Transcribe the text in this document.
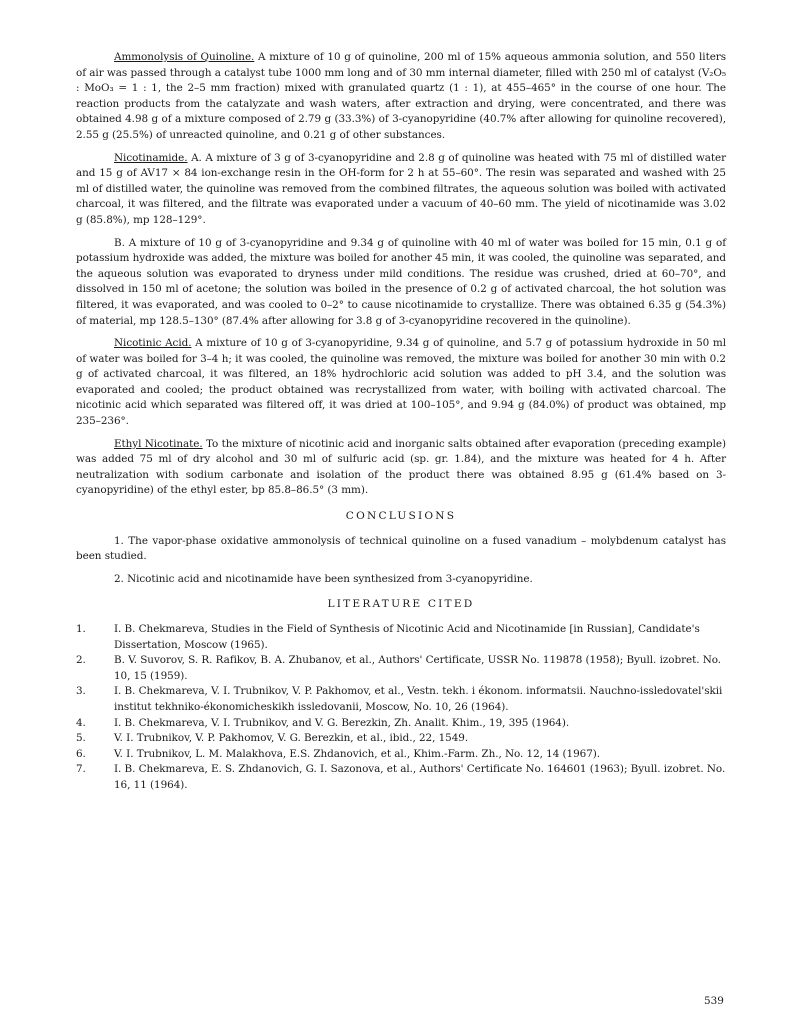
Ammonolysis of Quinoline. A mixture of 10 g of quinoline, 200 ml of 15% aqueous ammonia solution, and 550 liters of air was passed through a catalyst tube 1000 mm long and of 30 mm internal diameter, filled with 250 ml of catalyst (V₂O₅ : MoO₃ = 1 : 1, the 2–5 mm fraction) mixed with granulated quartz (1 : 1), at 455–465° in the course of one hour. The reaction products from the catalyzate and wash waters, after extraction and drying, were concentrated, and there was obtained 4.98 g of a mixture composed of 2.79 g (33.3%) of 3-cyanopyridine (40.7% after allowing for quinoline recovered), 2.55 g (25.5%) of unreacted quinoline, and 0.21 g of other substances.

Nicotinamide. A. A mixture of 3 g of 3-cyanopyridine and 2.8 g of quinoline was heated with 75 ml of distilled water and 15 g of AV17 × 84 ion-exchange resin in the OH-form for 2 h at 55–60°. The resin was separated and washed with 25 ml of distilled water, the quinoline was removed from the combined filtrates, the aqueous solution was boiled with activated charcoal, it was filtered, and the filtrate was evaporated under a vacuum of 40–60 mm. The yield of nicotinamide was 3.02 g (85.8%), mp 128–129°.

B. A mixture of 10 g of 3-cyanopyridine and 9.34 g of quinoline with 40 ml of water was boiled for 15 min, 0.1 g of potassium hydroxide was added, the mixture was boiled for another 45 min, it was cooled, the quinoline was separated, and the aqueous solution was evaporated to dryness under mild conditions. The residue was crushed, dried at 60–70°, and dissolved in 150 ml of acetone; the solution was boiled in the presence of 0.2 g of activated charcoal, the hot solution was filtered, it was evaporated, and was cooled to 0–2° to cause nicotinamide to crystallize. There was obtained 6.35 g (54.3%) of material, mp 128.5–130° (87.4% after allowing for 3.8 g of 3-cyanopyridine recovered in the quinoline).

Nicotinic Acid. A mixture of 10 g of 3-cyanopyridine, 9.34 g of quinoline, and 5.7 g of potassium hydroxide in 50 ml of water was boiled for 3–4 h; it was cooled, the quinoline was removed, the mixture was boiled for another 30 min with 0.2 g of activated charcoal, it was filtered, an 18% hydrochloric acid solution was added to pH 3.4, and the solution was evaporated and cooled; the product obtained was recrystallized from water, with boiling with activated charcoal. The nicotinic acid which separated was filtered off, it was dried at 100–105°, and 9.94 g (84.0%) of product was obtained, mp 235–236°.

Ethyl Nicotinate. To the mixture of nicotinic acid and inorganic salts obtained after evaporation (preceding example) was added 75 ml of dry alcohol and 30 ml of sulfuric acid (sp. gr. 1.84), and the mixture was heated for 4 h. After neutralization with sodium carbonate and isolation of the product there was obtained 8.95 g (61.4% based on 3-cyanopyridine) of the ethyl ester, bp 85.8–86.5° (3 mm).

CONCLUSIONS

1. The vapor-phase oxidative ammonolysis of technical quinoline on a fused vanadium – molybdenum catalyst has been studied.

2. Nicotinic acid and nicotinamide have been synthesized from 3-cyanopyridine.

LITERATURE CITED
1.	I. B. Chekmareva, Studies in the Field of Synthesis of Nicotinic Acid and Nicotinamide [in Russian], Candidate's Dissertation, Moscow (1965).
2.	B. V. Suvorov, S. R. Rafikov, B. A. Zhubanov, et al., Authors' Certificate, USSR No. 119878 (1958); Byull. izobret. No. 10, 15 (1959).
3.	I. B. Chekmareva, V. I. Trubnikov, V. P. Pakhomov, et al., Vestn. tekh. i ékonom. informatsii. Nauchno-issledovatel'skii institut tekhniko-ékonomicheskikh issledovanii, Moscow, No. 10, 26 (1964).
4.	I. B. Chekmareva, V. I. Trubnikov, and V. G. Berezkin, Zh. Analit. Khim., 19, 395 (1964).
5.	V. I. Trubnikov, V. P. Pakhomov, V. G. Berezkin, et al., ibid., 22, 1549.
6.	V. I. Trubnikov, L. M. Malakhova, E.S. Zhdanovich, et al., Khim.-Farm. Zh., No. 12, 14 (1967).
7.	I. B. Chekmareva, E. S. Zhdanovich, G. I. Sazonova, et al., Authors' Certificate No. 164601 (1963); Byull. izobret. No. 16, 11 (1964).
539
